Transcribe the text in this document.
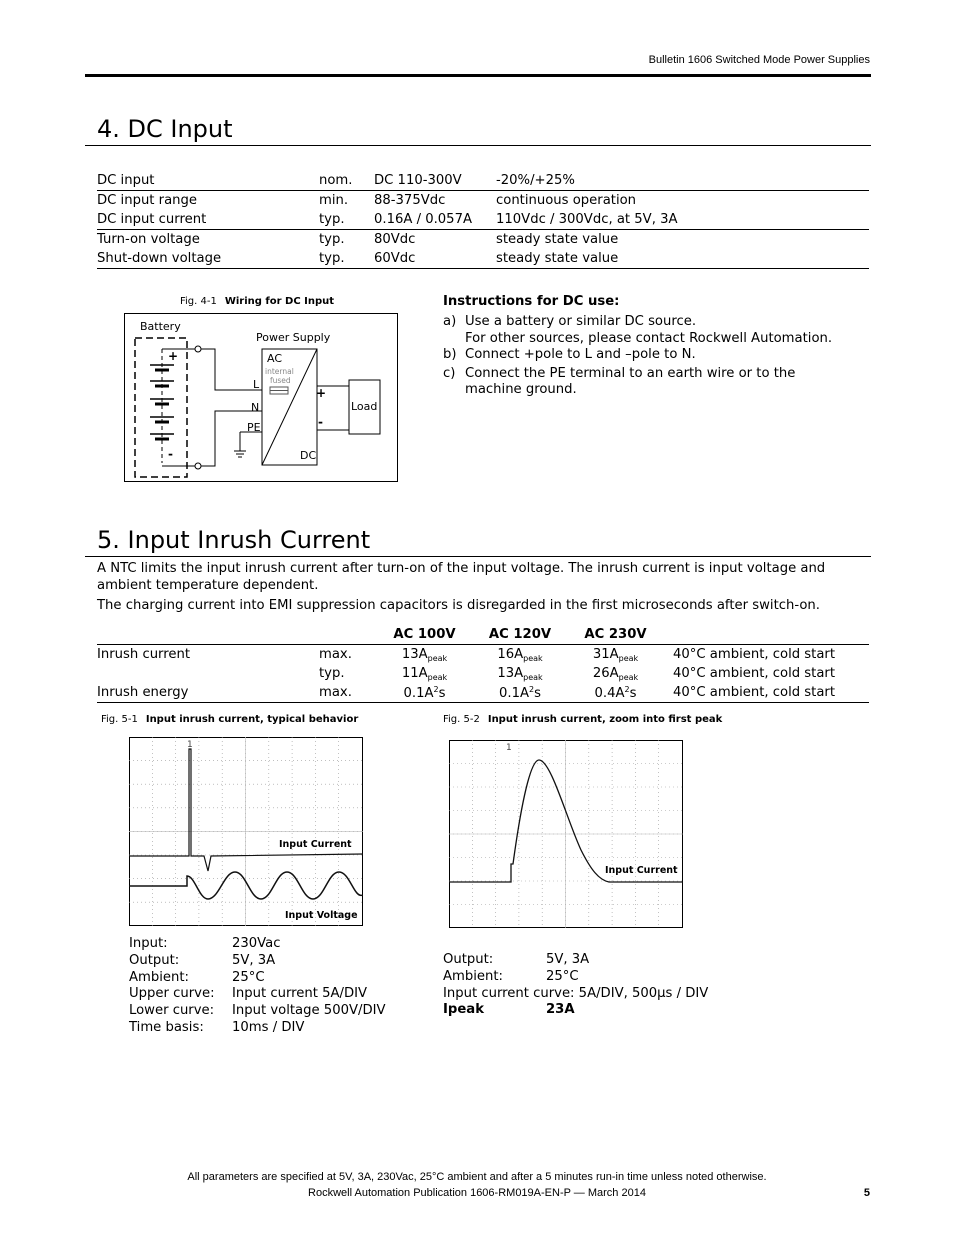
Bulletin 1606 Switched Mode Power Supplies
4. DC Input
DC input	nom.	DC 110-300V	-20%/+25%
DC input range	min.	88-375Vdc	continuous operation
DC input current	typ.	0.16A / 0.057A	110Vdc / 300Vdc, at 5V, 3A
Turn-on voltage	typ.	80Vdc	steady state value
Shut-down voltage	typ.	60Vdc	steady state value
Fig. 4-1 Wiring for DC Input
Battery
Power Supply
+
-
AC
internal
fused
L
N
PE
DC
+
-
Load
Instructions for DC use:
a) Use a battery or similar DC source.
For other sources, please contact Rockwell Automation.
b) Connect +pole to L and –pole to N.
c) Connect the PE terminal to an earth wire or to the
machine ground.
5. Input Inrush Current
A NTC limits the input inrush current after turn-on of the input voltage. The inrush current is input voltage and
ambient temperature dependent.
The charging current into EMI suppression capacitors is disregarded in the first microseconds after switch-on.
		AC 100V	AC 120V	AC 230V	
Inrush current	max.	$13A_{peak}$	$16A_{peak}$	$31A_{peak}$	40°C ambient, cold start
	typ.	$11A_{peak}$	$13A_{peak}$	$26A_{peak}$	40°C ambient, cold start
Inrush energy	max.	$0.1A^2s$	$0.1A^2s$	$0.4A^2s$	40°C ambient, cold start
Fig. 5-1 Input inrush current, typical behavior
1
Input Current
Input Voltage
Input:	230Vac
Output:	5V, 3A
Ambient:	25°C
Upper curve: Input current 5A/DIV
Lower curve: Input voltage 500V/DIV
Time basis: 10ms / DIV
Fig. 5-2 Input inrush current, zoom into first peak
1
Input Current
Output:	5V, 3A
Ambient:	25°C
Input current curve: 5A/DIV, 500µs / DIV
Ipeak	23A
All parameters are specified at 5V, 3A, 230Vac, 25°C ambient and after a 5 minutes run-in time unless noted otherwise.
Rockwell Automation Publication 1606-RM019A-EN-P — March 2014	5
